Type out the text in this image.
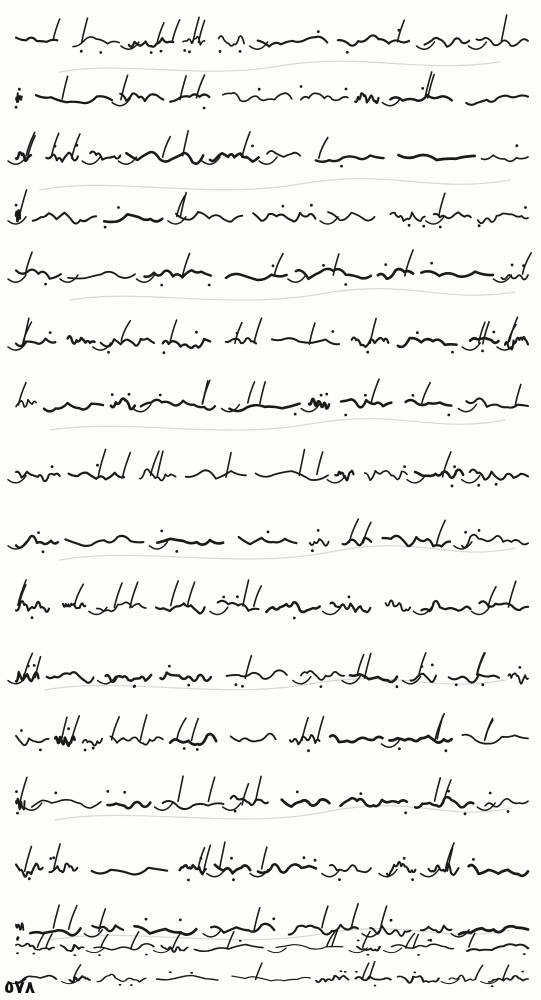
٥٧٨
